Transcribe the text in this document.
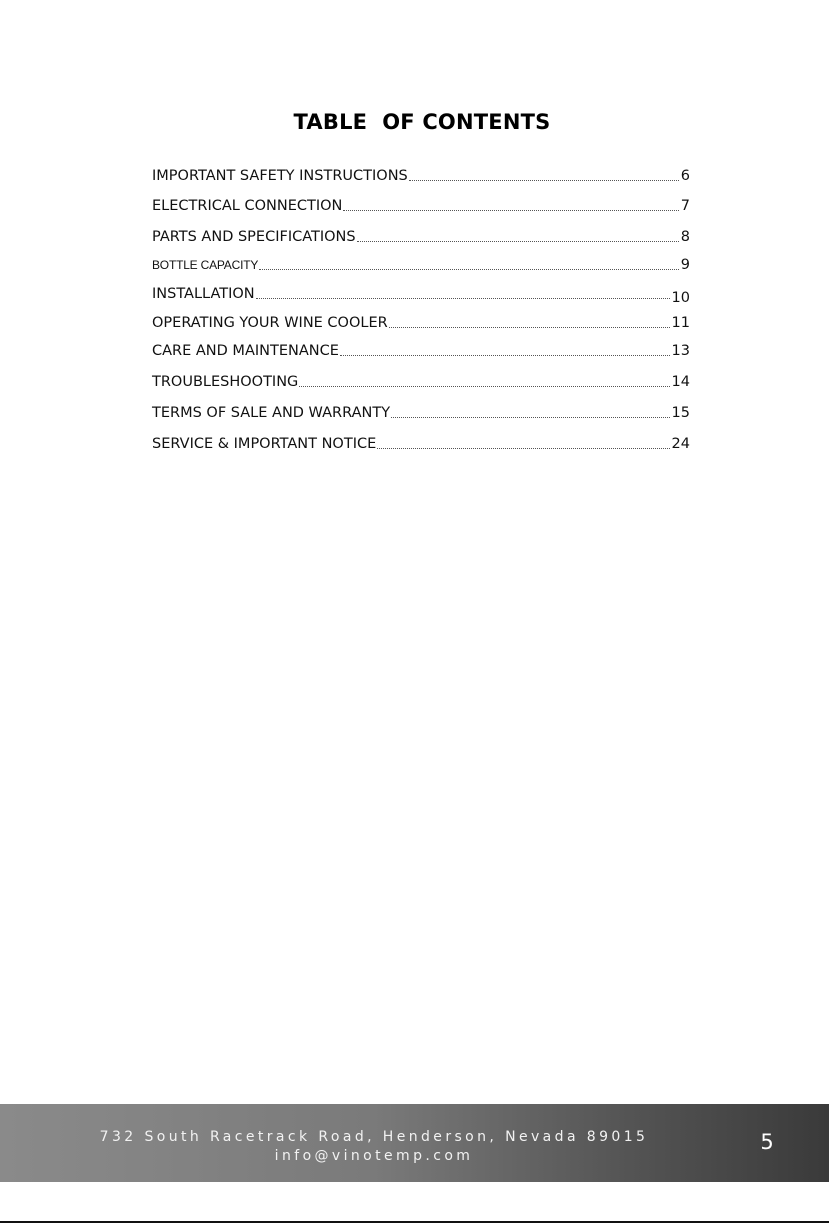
TABLE  OF CONTENTS
IMPORTANT SAFETY INSTRUCTIONS	6
ELECTRICAL CONNECTION	7
PARTS AND SPECIFICATIONS	8
BOTTLE CAPACITY	9
INSTALLATION	10
OPERATING YOUR WINE COOLER	11
CARE AND MAINTENANCE	13
TROUBLESHOOTING	14
TERMS OF SALE AND WARRANTY	15
SERVICE & IMPORTANT NOTICE	24
732 South Racetrack Road, Henderson, Nevada 89015
info@vinotemp.com
5
